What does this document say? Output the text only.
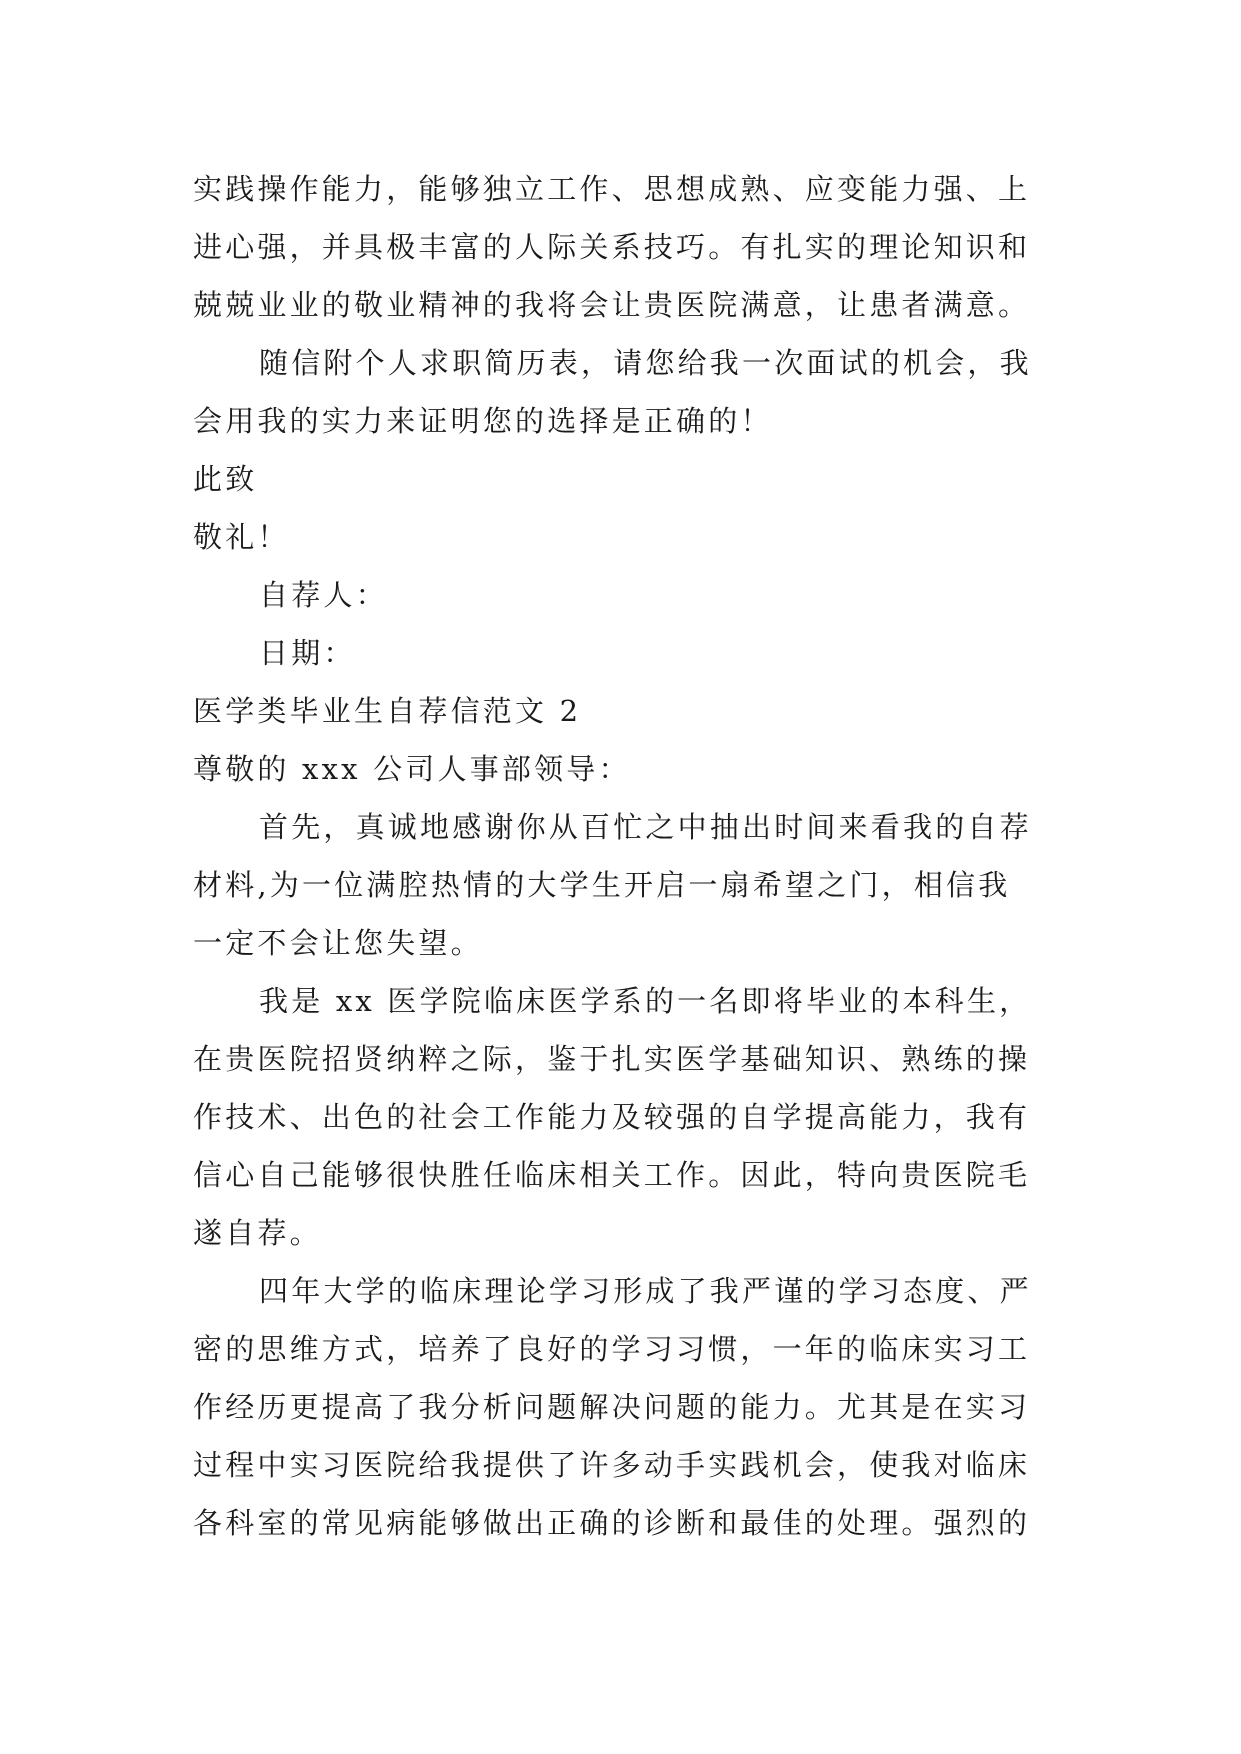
实践操作能力，能够独立工作、思想成熟、应变能力强、上
进心强，并具极丰富的人际关系技巧。有扎实的理论知识和
兢兢业业的敬业精神的我将会让贵医院满意，让患者满意。
随信附个人求职简历表，请您给我一次面试的机会，我
会用我的实力来证明您的选择是正确的！
此致
敬礼！
自荐人：
日期：
医学类毕业生自荐信范文 2
尊敬的 xxx 公司人事部领导：
首先，真诚地感谢你从百忙之中抽出时间来看我的自荐
材料,为一位满腔热情的大学生开启一扇希望之门，相信我
一定不会让您失望。
我是 xx 医学院临床医学系的一名即将毕业的本科生，
在贵医院招贤纳粹之际，鉴于扎实医学基础知识、熟练的操
作技术、出色的社会工作能力及较强的自学提高能力，我有
信心自己能够很快胜任临床相关工作。因此，特向贵医院毛
遂自荐。
四年大学的临床理论学习形成了我严谨的学习态度、严
密的思维方式，培养了良好的学习习惯，一年的临床实习工
作经历更提高了我分析问题解决问题的能力。尤其是在实习
过程中实习医院给我提供了许多动手实践机会，使我对临床
各科室的常见病能够做出正确的诊断和最佳的处理。强烈的
